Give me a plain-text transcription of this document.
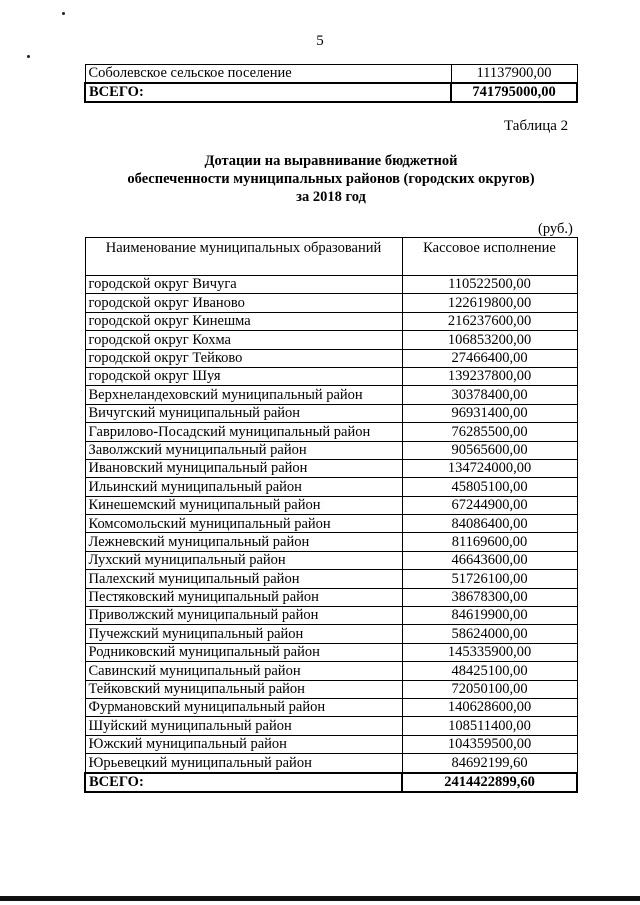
5
Соболевское сельское поселение	11137900,00
ВСЕГО:	741795000,00
Таблица 2
Дотации на выравнивание бюджетной
обеспеченности муниципальных районов (городских округов)
за 2018 год
(руб.)
Наименование муниципальных образований	Кассовое исполнение
городской округ Вичуга	110522500,00
городской округ Иваново	122619800,00
городской округ Кинешма	216237600,00
городской округ Кохма	106853200,00
городской округ Тейково	27466400,00
городской округ Шуя	139237800,00
Верхнеландеховский муниципальный район	30378400,00
Вичугский муниципальный район	96931400,00
Гаврилово-Посадский муниципальный район	76285500,00
Заволжский муниципальный район	90565600,00
Ивановский муниципальный район	134724000,00
Ильинский муниципальный район	45805100,00
Кинешемский муниципальный район	67244900,00
Комсомольский муниципальный район	84086400,00
Лежневский муниципальный район	81169600,00
Лухский муниципальный район	46643600,00
Палехский муниципальный район	51726100,00
Пестяковский муниципальный район	38678300,00
Приволжский муниципальный район	84619900,00
Пучежский муниципальный район	58624000,00
Родниковский муниципальный район	145335900,00
Савинский муниципальный район	48425100,00
Тейковский муниципальный район	72050100,00
Фурмановский муниципальный район	140628600,00
Шуйский муниципальный район	108511400,00
Южский муниципальный район	104359500,00
Юрьевецкий муниципальный район	84692199,60
ВСЕГО:	2414422899,60
